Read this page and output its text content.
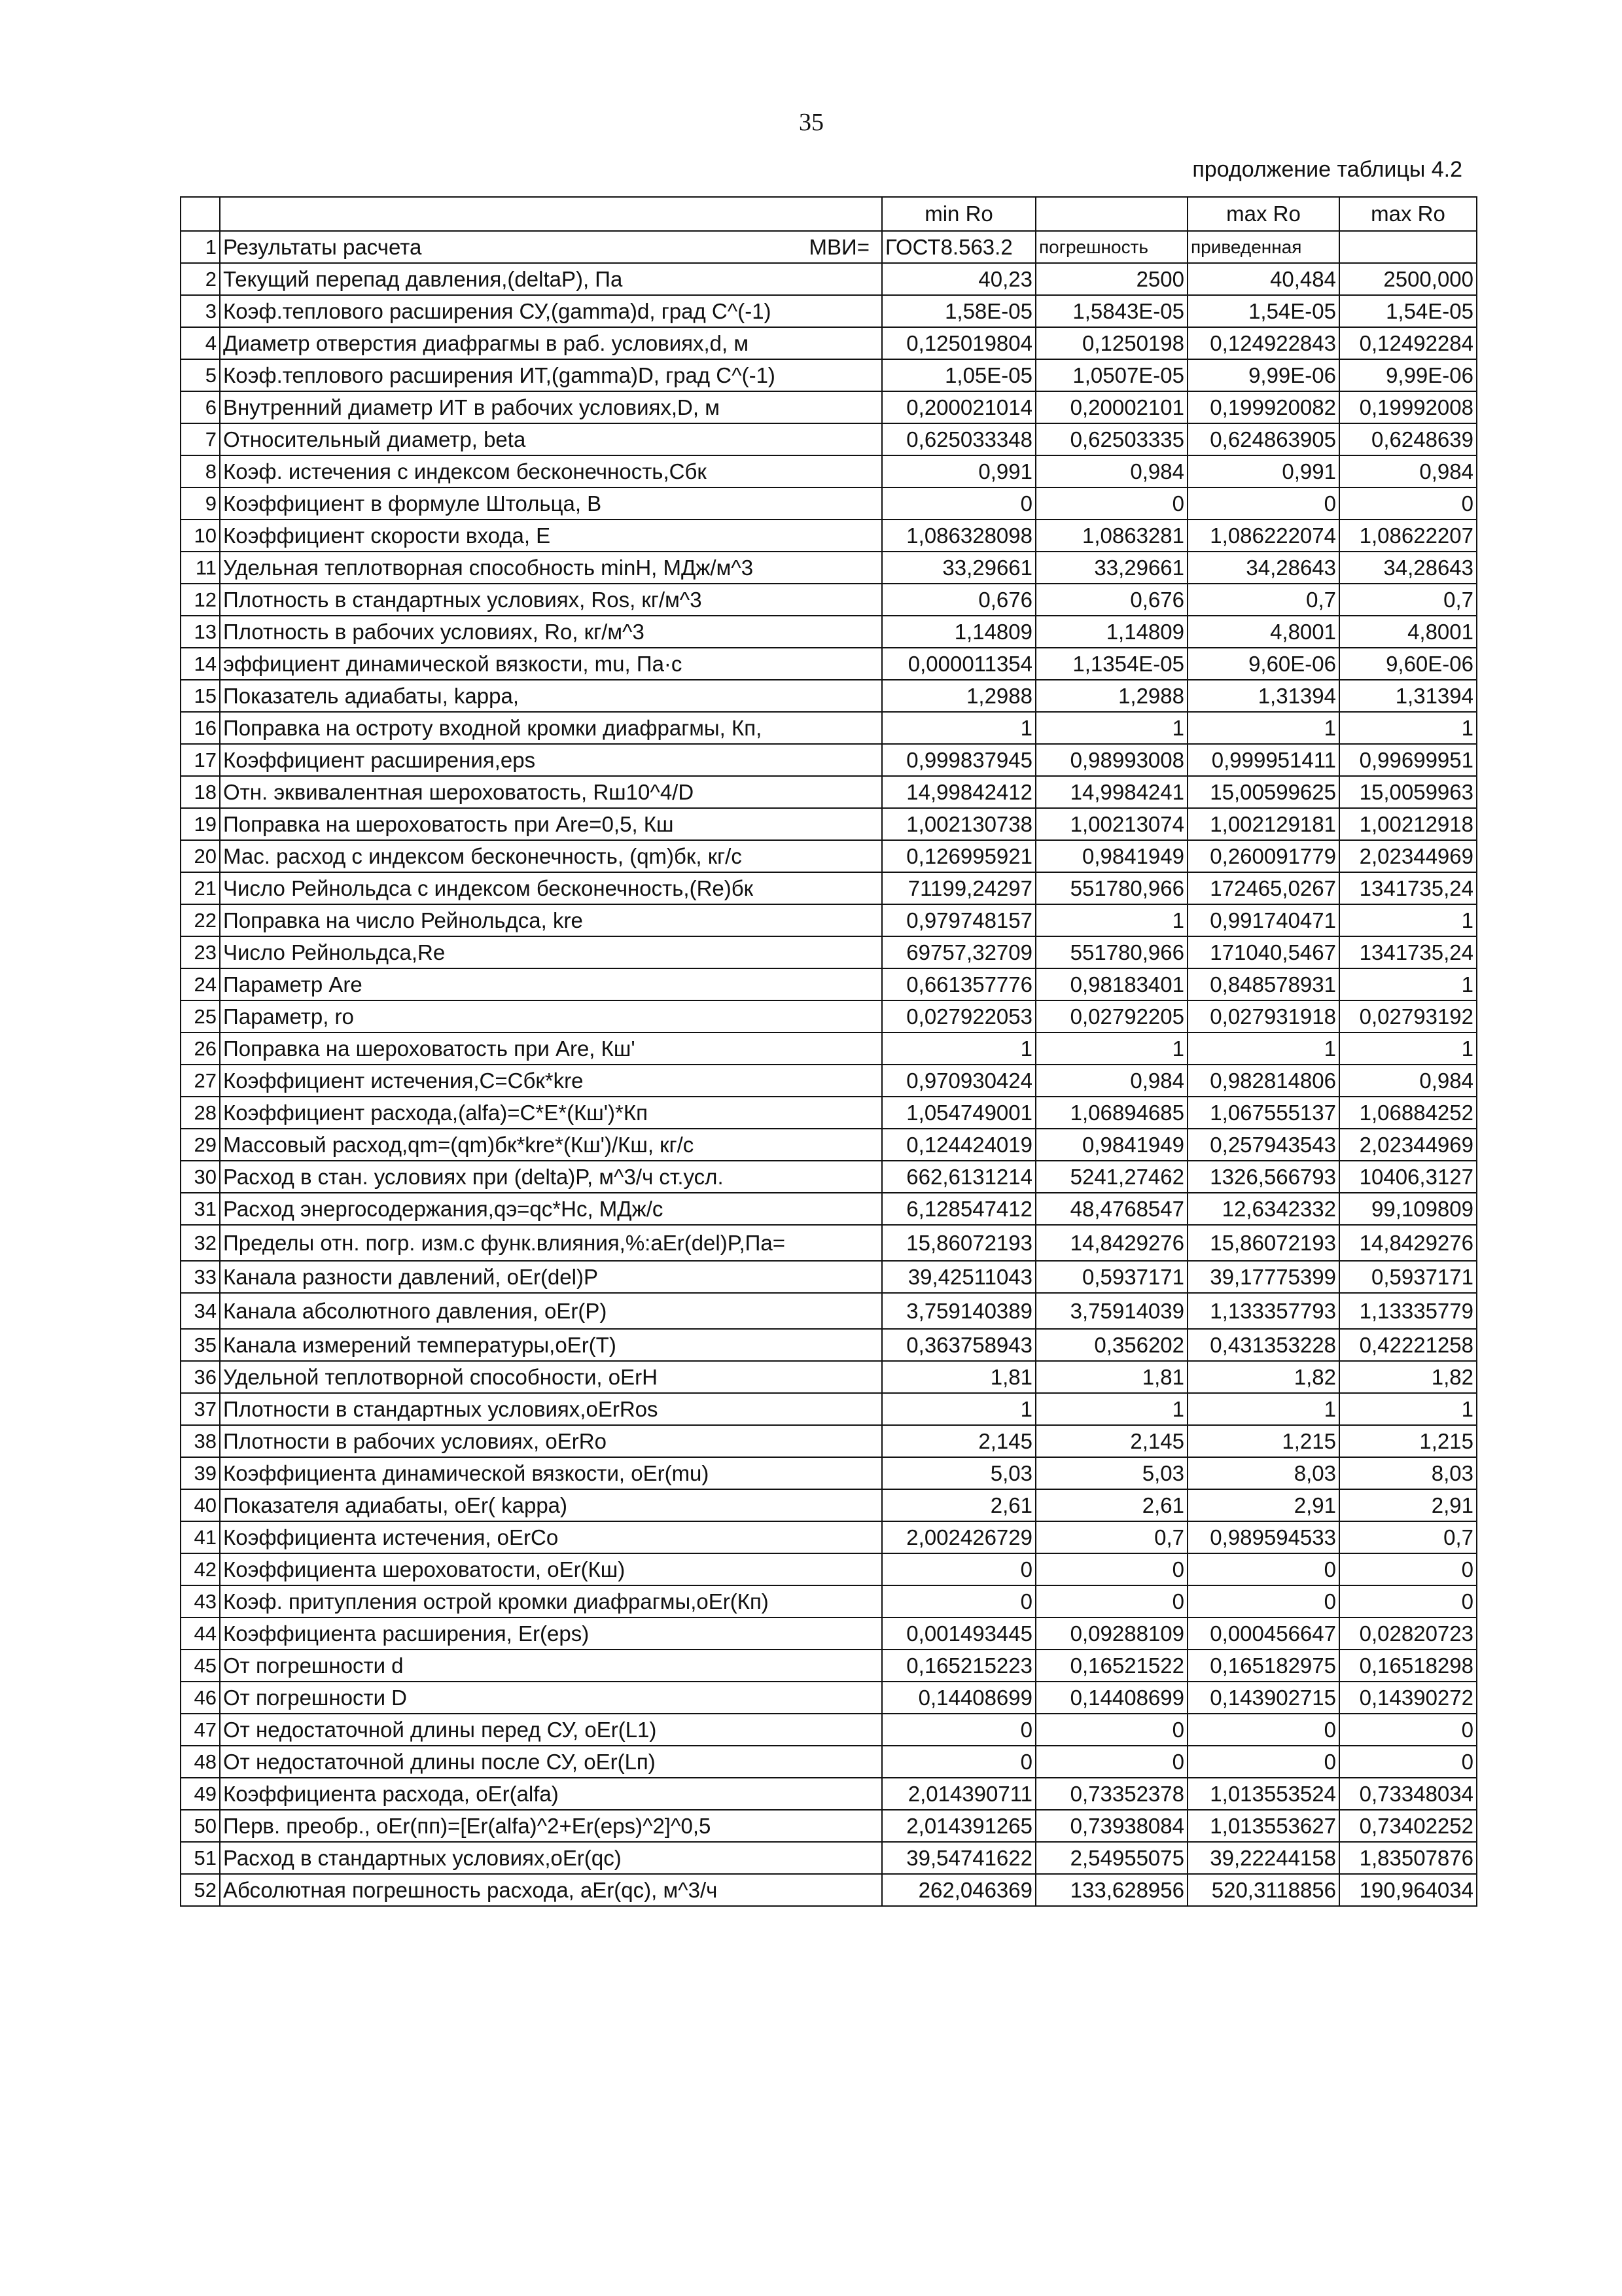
35
продолжение таблицы 4.2
		min Ro		max Ro	max Ro
1	Результаты расчета МВИ=	ГОСТ8.563.2	погрешность	приведенная	
2	Текущий перепад давления,(deltaP), Па	40,23	2500	40,484	2500,000
3	Коэф.теплового расширения СУ,(gamma)d, град С^(-1)	1,58E-05	1,5843E-05	1,54E-05	1,54E-05
4	Диаметр отверстия диафрагмы в раб. условиях,d, м	0,125019804	0,1250198	0,124922843	0,12492284
5	Коэф.теплового расширения ИТ,(gamma)D, град С^(-1)	1,05E-05	1,0507E-05	9,99E-06	9,99E-06
6	Внутренний диаметр ИТ в рабочих условиях,D, м	0,200021014	0,20002101	0,199920082	0,19992008
7	Относительный диаметр, beta	0,625033348	0,62503335	0,624863905	0,6248639
8	Коэф. истечения с индексом бесконечность,Cбк	0,991	0,984	0,991	0,984
9	Коэффициент в формуле Штольца, B	0	0	0	0
10	Коэффициент скорости входа, E	1,086328098	1,0863281	1,086222074	1,08622207
11	Удельная теплотворная способность minH, МДж/м^3	33,29661	33,29661	34,28643	34,28643
12	Плотность в стандартных условиях, Ros, кг/м^3	0,676	0,676	0,7	0,7
13	Плотность в рабочих условиях, Ro, кг/м^3	1,14809	1,14809	4,8001	4,8001
14	эффициент динамической вязкости, mu, Па·с	0,000011354	1,1354E-05	9,60E-06	9,60E-06
15	Показатель адиабаты, kappa,	1,2988	1,2988	1,31394	1,31394
16	Поправка на остроту входной кромки диафрагмы, Кп,	1	1	1	1
17	Коэффициент расширения,eps	0,999837945	0,98993008	0,999951411	0,99699951
18	Отн. эквивалентная шероховатость, Rш10^4/D	14,99842412	14,9984241	15,00599625	15,0059963
19	Поправка на шероховатость при Are=0,5, Кш	1,002130738	1,00213074	1,002129181	1,00212918
20	Мас. расход с индексом бесконечность, (qm)бк, кг/с	0,126995921	0,9841949	0,260091779	2,02344969
21	Число Рейнольдса с индексом бесконечность,(Re)бк	71199,24297	551780,966	172465,0267	1341735,24
22	Поправка на число Рейнольдса, kre	0,979748157	1	0,991740471	1
23	Число Рейнольдса,Re	69757,32709	551780,966	171040,5467	1341735,24
24	Параметр Are	0,661357776	0,98183401	0,848578931	1
25	Параметр, ro	0,027922053	0,02792205	0,027931918	0,02793192
26	Поправка на шероховатость при Are, Кш'	1	1	1	1
27	Коэффициент истечения,C=Cбк*kre	0,970930424	0,984	0,982814806	0,984
28	Коэффициент расхода,(alfa)=C*E*(Кш')*Кп	1,054749001	1,06894685	1,067555137	1,06884252
29	Массовый расход,qm=(qm)бк*kre*(Кш')/Кш, кг/с	0,124424019	0,9841949	0,257943543	2,02344969
30	Расход в стан. условиях при (delta)P, м^3/ч ст.усл.	662,6131214	5241,27462	1326,566793	10406,3127
31	Расход энергосодержания,qэ=qc*Hc, МДж/с	6,128547412	48,4768547	12,6342332	99,109809
32	Пределы отн. погр. изм.с функ.влияния,%:aEr(del)P,Па=	15,86072193	14,8429276	15,86072193	14,8429276
33	Канала разности давлений, оEr(del)P	39,42511043	0,5937171	39,17775399	0,5937171
34	Канала абсолютного давления, оEr(P)	3,759140389	3,75914039	1,133357793	1,13335779
35	Канала измерений температуры,оEr(T)	0,363758943	0,356202	0,431353228	0,42221258
36	Удельной теплотворной способности, оErH	1,81	1,81	1,82	1,82
37	Плотности в стандартных условиях,оErRos	1	1	1	1
38	Плотности в рабочих условиях, оErRo	2,145	2,145	1,215	1,215
39	Коэффициента динамической вязкости, оEr(mu)	5,03	5,03	8,03	8,03
40	Показателя адиабаты, оEr( kappa)	2,61	2,61	2,91	2,91
41	Коэффициента истечения, оErCo	2,002426729	0,7	0,989594533	0,7
42	Коэффициента шероховатости, оEr(Кш)	0	0	0	0
43	Коэф. притупления острой кромки диафрагмы,оEr(Кп)	0	0	0	0
44	Коэффициента расширения, Er(eps)	0,001493445	0,09288109	0,000456647	0,02820723
45	От погрешности d	0,165215223	0,16521522	0,165182975	0,16518298
46	От погрешности D	0,14408699	0,14408699	0,143902715	0,14390272
47	От недостаточной длины перед СУ, оEr(L1)	0	0	0	0
48	От недостаточной длины после СУ, оEr(Lп)	0	0	0	0
49	Коэффициента расхода, оEr(alfa)	2,014390711	0,73352378	1,013553524	0,73348034
50	Перв. преобр., оEr(пп)=[Er(alfa)^2+Er(eps)^2]^0,5	2,014391265	0,73938084	1,013553627	0,73402252
51	Расход в стандартных условиях,оEr(qc)	39,54741622	2,54955075	39,22244158	1,83507876
52	Абсолютная погрешность расхода, aEr(qc), м^3/ч	262,046369	133,628956	520,3118856	190,964034
